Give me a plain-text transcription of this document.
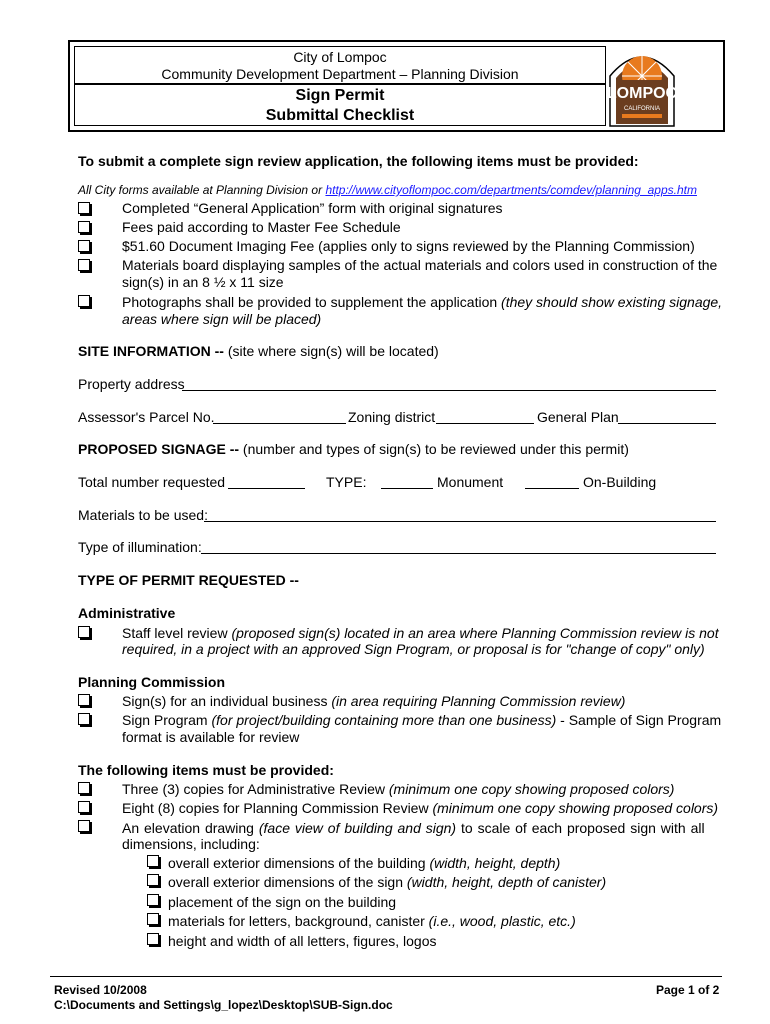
City of Lompoc
Community Development Department – Planning Division
Sign Permit
Submittal Checklist
LOMPOC
CALIFORNIA
To submit a complete sign review application, the following items must be provided:
All City forms available at Planning Division or http://www.cityoflompoc.com/departments/comdev/planning_apps.htm
Completed “General Application” form with original signatures
Fees paid according to Master Fee Schedule
$51.60 Document Imaging Fee (applies only to signs reviewed by the Planning Commission)
Materials board displaying samples of the actual materials and colors used in construction of the
sign(s) in an 8 ½ x 11 size
Photographs shall be provided to supplement the application (they should show existing signage,
areas where sign will be placed)
SITE INFORMATION -- (site where sign(s) will be located)
Property address
Assessor's Parcel No.	Zoning district	General Plan
PROPOSED SIGNAGE -- (number and types of sign(s) to be reviewed under this permit)
Total number requested	TYPE:	Monument	On-Building
Materials to be used:
Type of illumination:
TYPE OF PERMIT REQUESTED --
Administrative
Staff level review (proposed sign(s) located in an area where Planning Commission review is not
required, in a project with an approved Sign Program, or proposal is for "change of copy" only)
Planning Commission
Sign(s) for an individual business (in area requiring Planning Commission review)
Sign Program (for project/building containing more than one business) - Sample of Sign Program
format is available for review
The following items must be provided:
Three (3) copies for Administrative Review (minimum one copy showing proposed colors)
Eight (8) copies for Planning Commission Review (minimum one copy showing proposed colors)
An elevation drawing (face view of building and sign) to scale of each proposed sign with all
dimensions, including:
overall exterior dimensions of the building (width, height, depth)
overall exterior dimensions of the sign (width, height, depth of canister)
placement of the sign on the building
materials for letters, background, canister (i.e., wood, plastic, etc.)
height and width of all letters, figures, logos
Revised 10/2008
C:\Documents and Settings\g_lopez\Desktop\SUB-Sign.doc
Page 1 of 2
